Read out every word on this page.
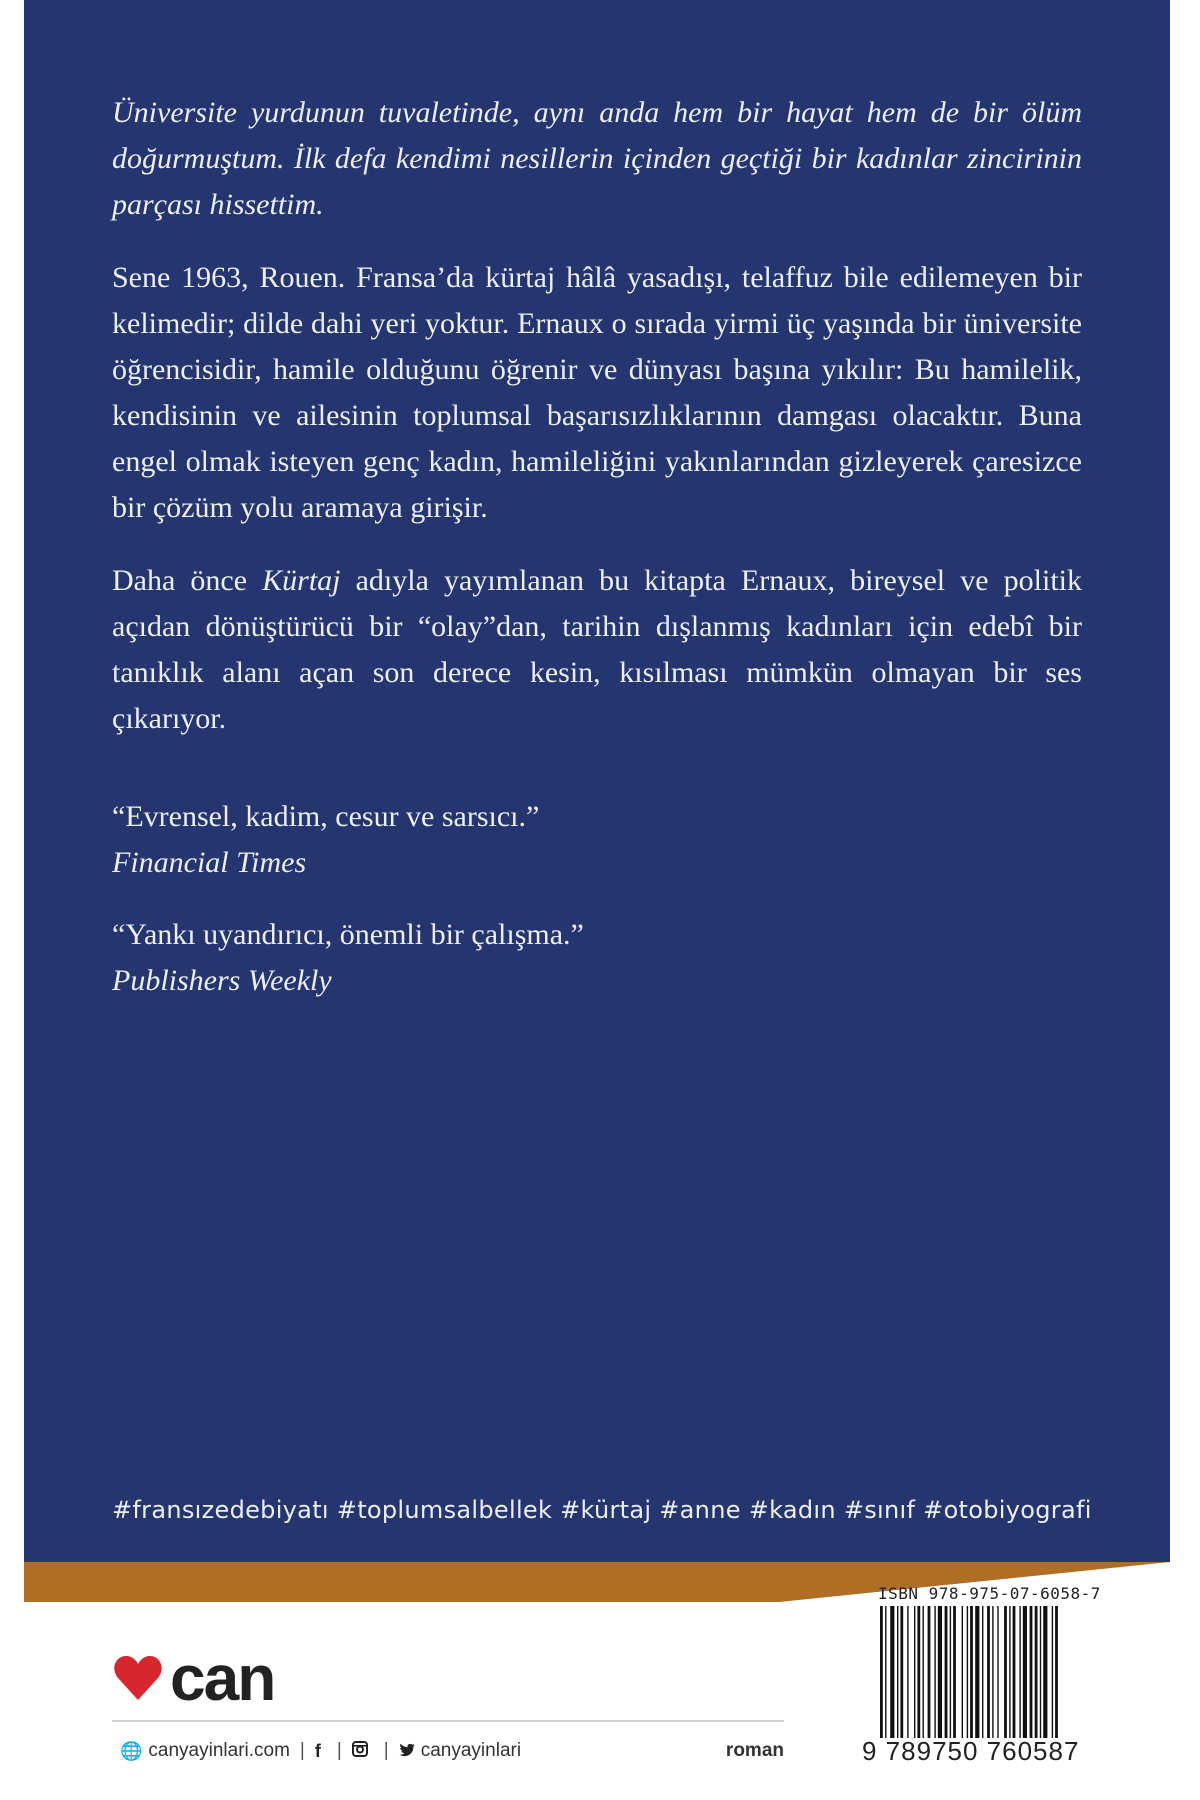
Üniversite yurdunun tuvaletinde, aynı anda hem bir hayat hem de bir ölüm doğurmuştum. İlk defa kendimi nesillerin içinden geçtiği bir kadınlar zincirinin parçası hissettim.

Sene 1963, Rouen. Fransa’da kürtaj hâlâ yasadışı, telaffuz bile edilemeyen bir kelimedir; dilde dahi yeri yoktur. Ernaux o sırada yirmi üç yaşında bir üniversite öğrencisidir, hamile olduğunu öğrenir ve dünyası başına yıkılır: Bu hamilelik, kendisinin ve ailesinin toplumsal başarısızlıklarının damgası olacaktır. Buna engel olmak isteyen genç kadın, hamileliğini yakınlarından gizleyerek çaresizce bir çözüm yolu aramaya girişir.

Daha önce Kürtaj adıyla yayımlanan bu kitapta Ernaux, bireysel ve politik açıdan dönüştürücü bir “olay”dan, tarihin dışlanmış kadınları için edebî bir tanıklık alanı açan son derece kesin, kısılması mümkün olmayan bir ses çıkarıyor.

“Evrensel, kadim, cesur ve sarsıcı.”

Financial Times

“Yankı uyandırıcı, önemli bir çalışma.”

Publishers Weekly

#fransızedebiyatı #toplumsalbellek #kürtaj #anne #kadın #sınıf #otobiyografi
can
🌐 canyayinlari.com | f | | canyayinlari	roman
ISBN 978-975-07-6058-7
9 789750 760587
